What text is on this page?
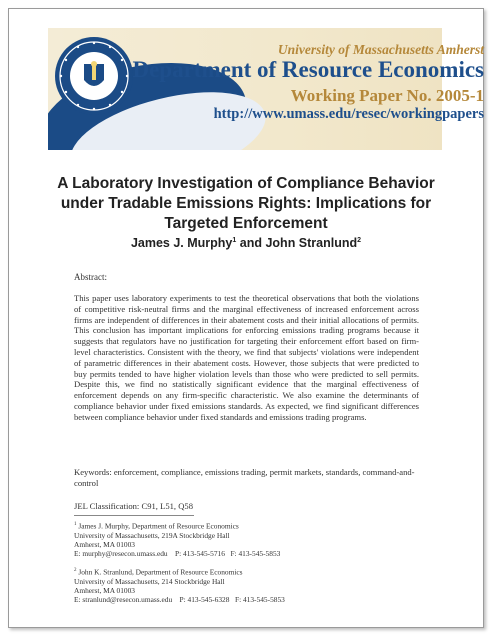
University of Massachusetts Amherst
Department of Resource Economics
Working Paper No. 2005-1
http://www.umass.edu/resec/workingpapers
A Laboratory Investigation of Compliance Behavior under Tradable Emissions Rights: Implications for Targeted Enforcement
James J. Murphy$^1$ and John Stranlund$^2$
Abstract:
This paper uses laboratory experiments to test the theoretical observations that both the violations of competitive risk-neutral firms and the marginal effectiveness of increased enforcement across firms are independent of differences in their abatement costs and their initial allocations of permits. This conclusion has important implications for enforcing emissions trading programs because it suggests that regulators have no justification for targeting their enforcement effort based on firm-level characteristics. Consistent with the theory, we find that subjects' violations were independent of parametric differences in their abatement costs. However, those subjects that were predicted to buy permits tended to have higher violation levels than those who were predicted to sell permits. Despite this, we find no statistically significant evidence that the marginal effectiveness of enforcement depends on any firm-specific characteristic. We also examine the determinants of compliance behavior under fixed emissions standards. As expected, we find significant differences between compliance behavior under fixed standards and emissions trading programs.
Keywords: enforcement, compliance, emissions trading, permit markets, standards, command-and-control
JEL Classification: C91, L51, Q58
$^1$ James J. Murphy, Department of Resource Economics
University of Massachusetts, 219A Stockbridge Hall
Amherst, MA 01003
E: murphy@resecon.umass.edu    P: 413-545-5716   F: 413-545-5853
$^2$ John K. Stranlund, Department of Resource Economics
University of Massachusetts, 214 Stockbridge Hall
Amherst, MA 01003
E: stranlund@resecon.umass.edu    P: 413-545-6328   F: 413-545-5853
